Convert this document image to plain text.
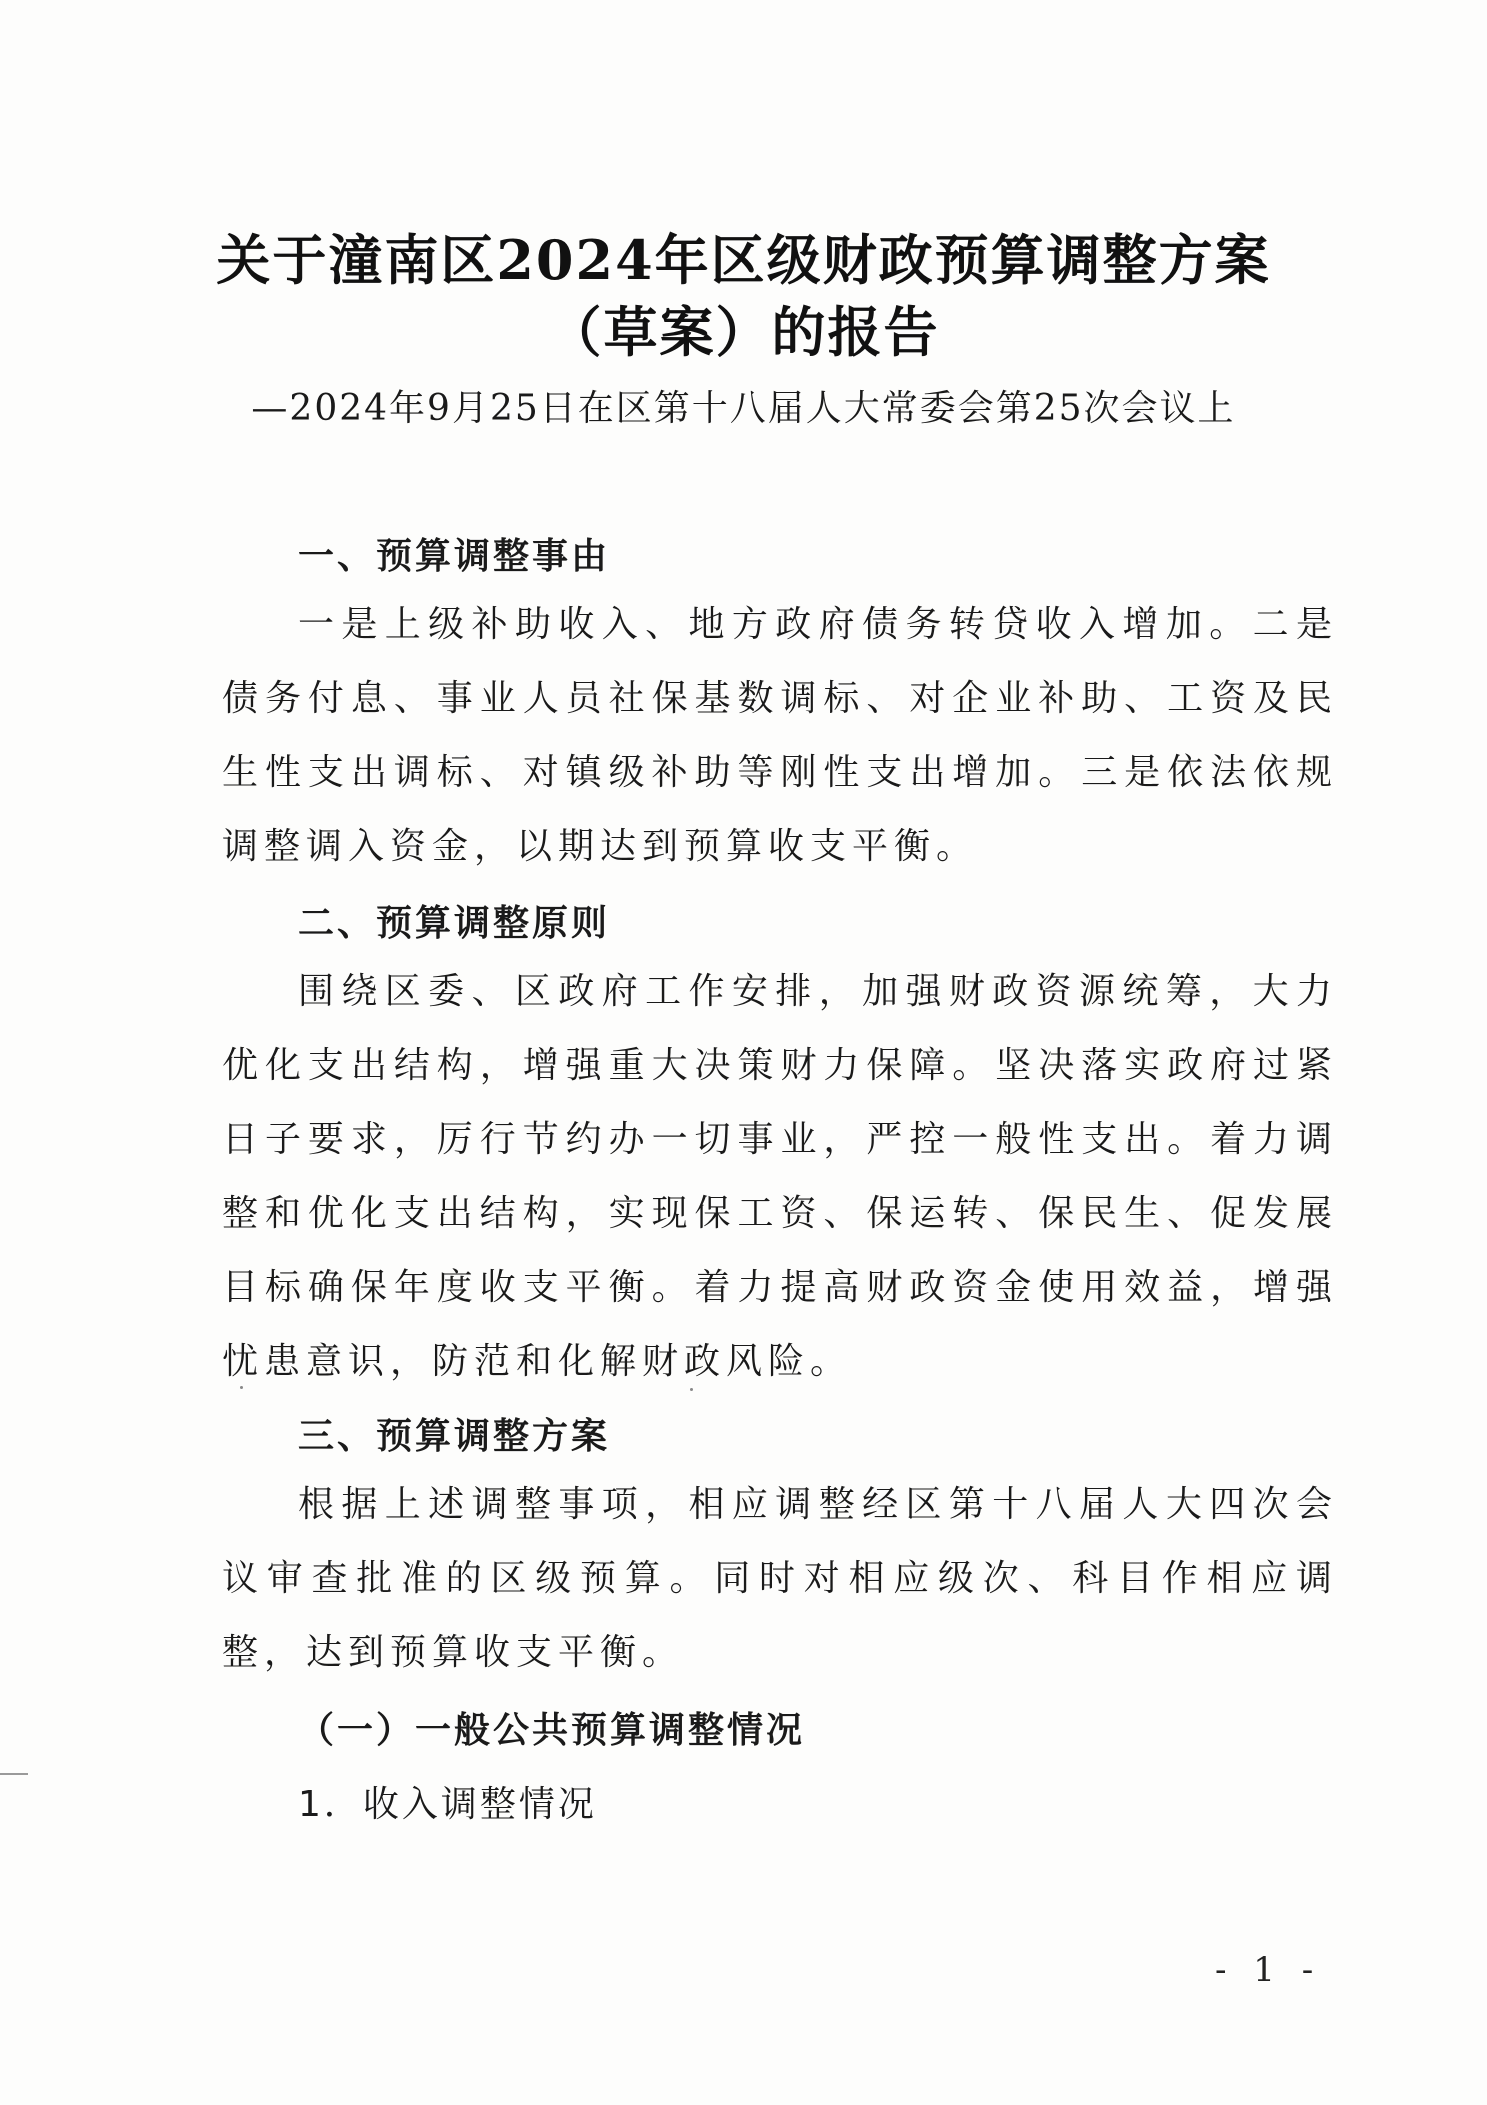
关于潼南区2024年区级财政预算调整方案
（草案）的报告
—2024年9月25日在区第十八届人大常委会第25次会议上
一、预算调整事由
一是上级补助收入、地方政府债务转贷收入增加。二是债务付息、事业人员社保基数调标、对企业补助、工资及民生性支出调标、对镇级补助等刚性支出增加。三是依法依规调整调入资金，以期达到预算收支平衡。
二、预算调整原则
围绕区委、区政府工作安排，加强财政资源统筹，大力优化支出结构，增强重大决策财力保障。坚决落实政府过紧日子要求，厉行节约办一切事业，严控一般性支出。着力调整和优化支出结构，实现保工资、保运转、保民生、促发展目标确保年度收支平衡。着力提高财政资金使用效益，增强忧患意识，防范和化解财政风险。
三、预算调整方案
根据上述调整事项，相应调整经区第十八届人大四次会议审查批准的区级预算。同时对相应级次、科目作相应调整，达到预算收支平衡。
（一）一般公共预算调整情况
1．收入调整情况
- 1 -
